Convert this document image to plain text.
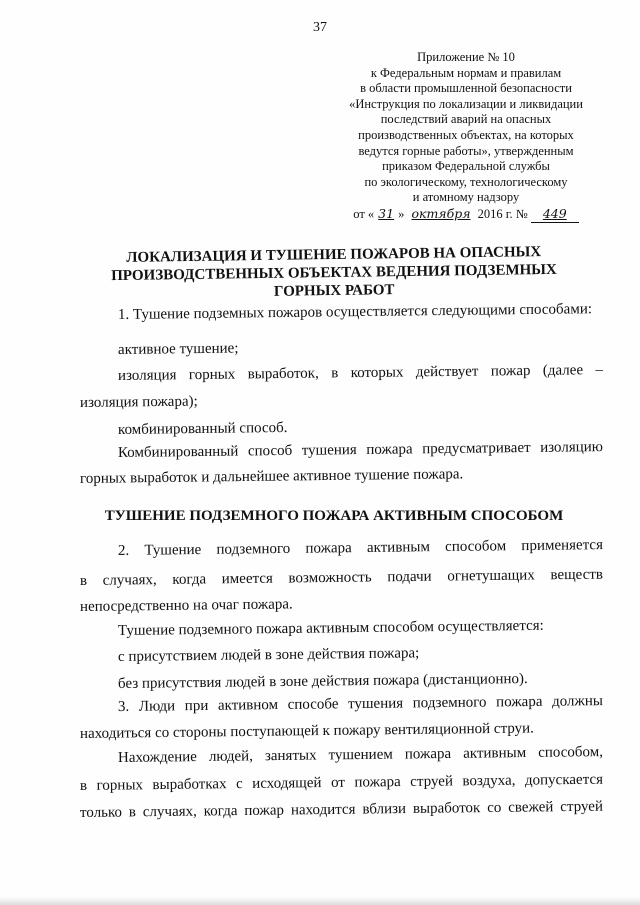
37
Приложение № 10
к Федеральным нормам и правилам
в области промышленной безопасности
«Инструкция по локализации и ликвидации
последствий аварий на опасных
производственных объектах, на которых
ведутся горные работы», утвержденным
приказом Федеральной службы
по экологическому, технологическому
и атомному надзору
от « 31 » октября 2016 г. № 449
ЛОКАЛИЗАЦИЯ И ТУШЕНИЕ ПОЖАРОВ НА ОПАСНЫХ
ПРОИЗВОДСТВЕННЫХ ОБЪЕКТАХ ВЕДЕНИЯ ПОДЗЕМНЫХ
ГОРНЫХ РАБОТ
1. Тушение подземных пожаров осуществляется следующими способами:
активное тушение;
изоляция горных выработок, в которых действует пожар (далее –
изоляция пожара);
комбинированный способ.
Комбинированный способ тушения пожара предусматривает изоляцию
горных выработок и дальнейшее активное тушение пожара.
ТУШЕНИЕ ПОДЗЕМНОГО ПОЖАРА АКТИВНЫМ СПОСОБОМ
2. Тушение подземного пожара активным способом применяется
в случаях, когда имеется возможность подачи огнетушащих веществ
непосредственно на очаг пожара.
Тушение подземного пожара активным способом осуществляется:
с присутствием людей в зоне действия пожара;
без присутствия людей в зоне действия пожара (дистанционно).
3. Люди при активном способе тушения подземного пожара должны
находиться со стороны поступающей к пожару вентиляционной струи.
Нахождение людей, занятых тушением пожара активным способом,
в горных выработках с исходящей от пожара струей воздуха, допускается
только в случаях, когда пожар находится вблизи выработок со свежей струей
